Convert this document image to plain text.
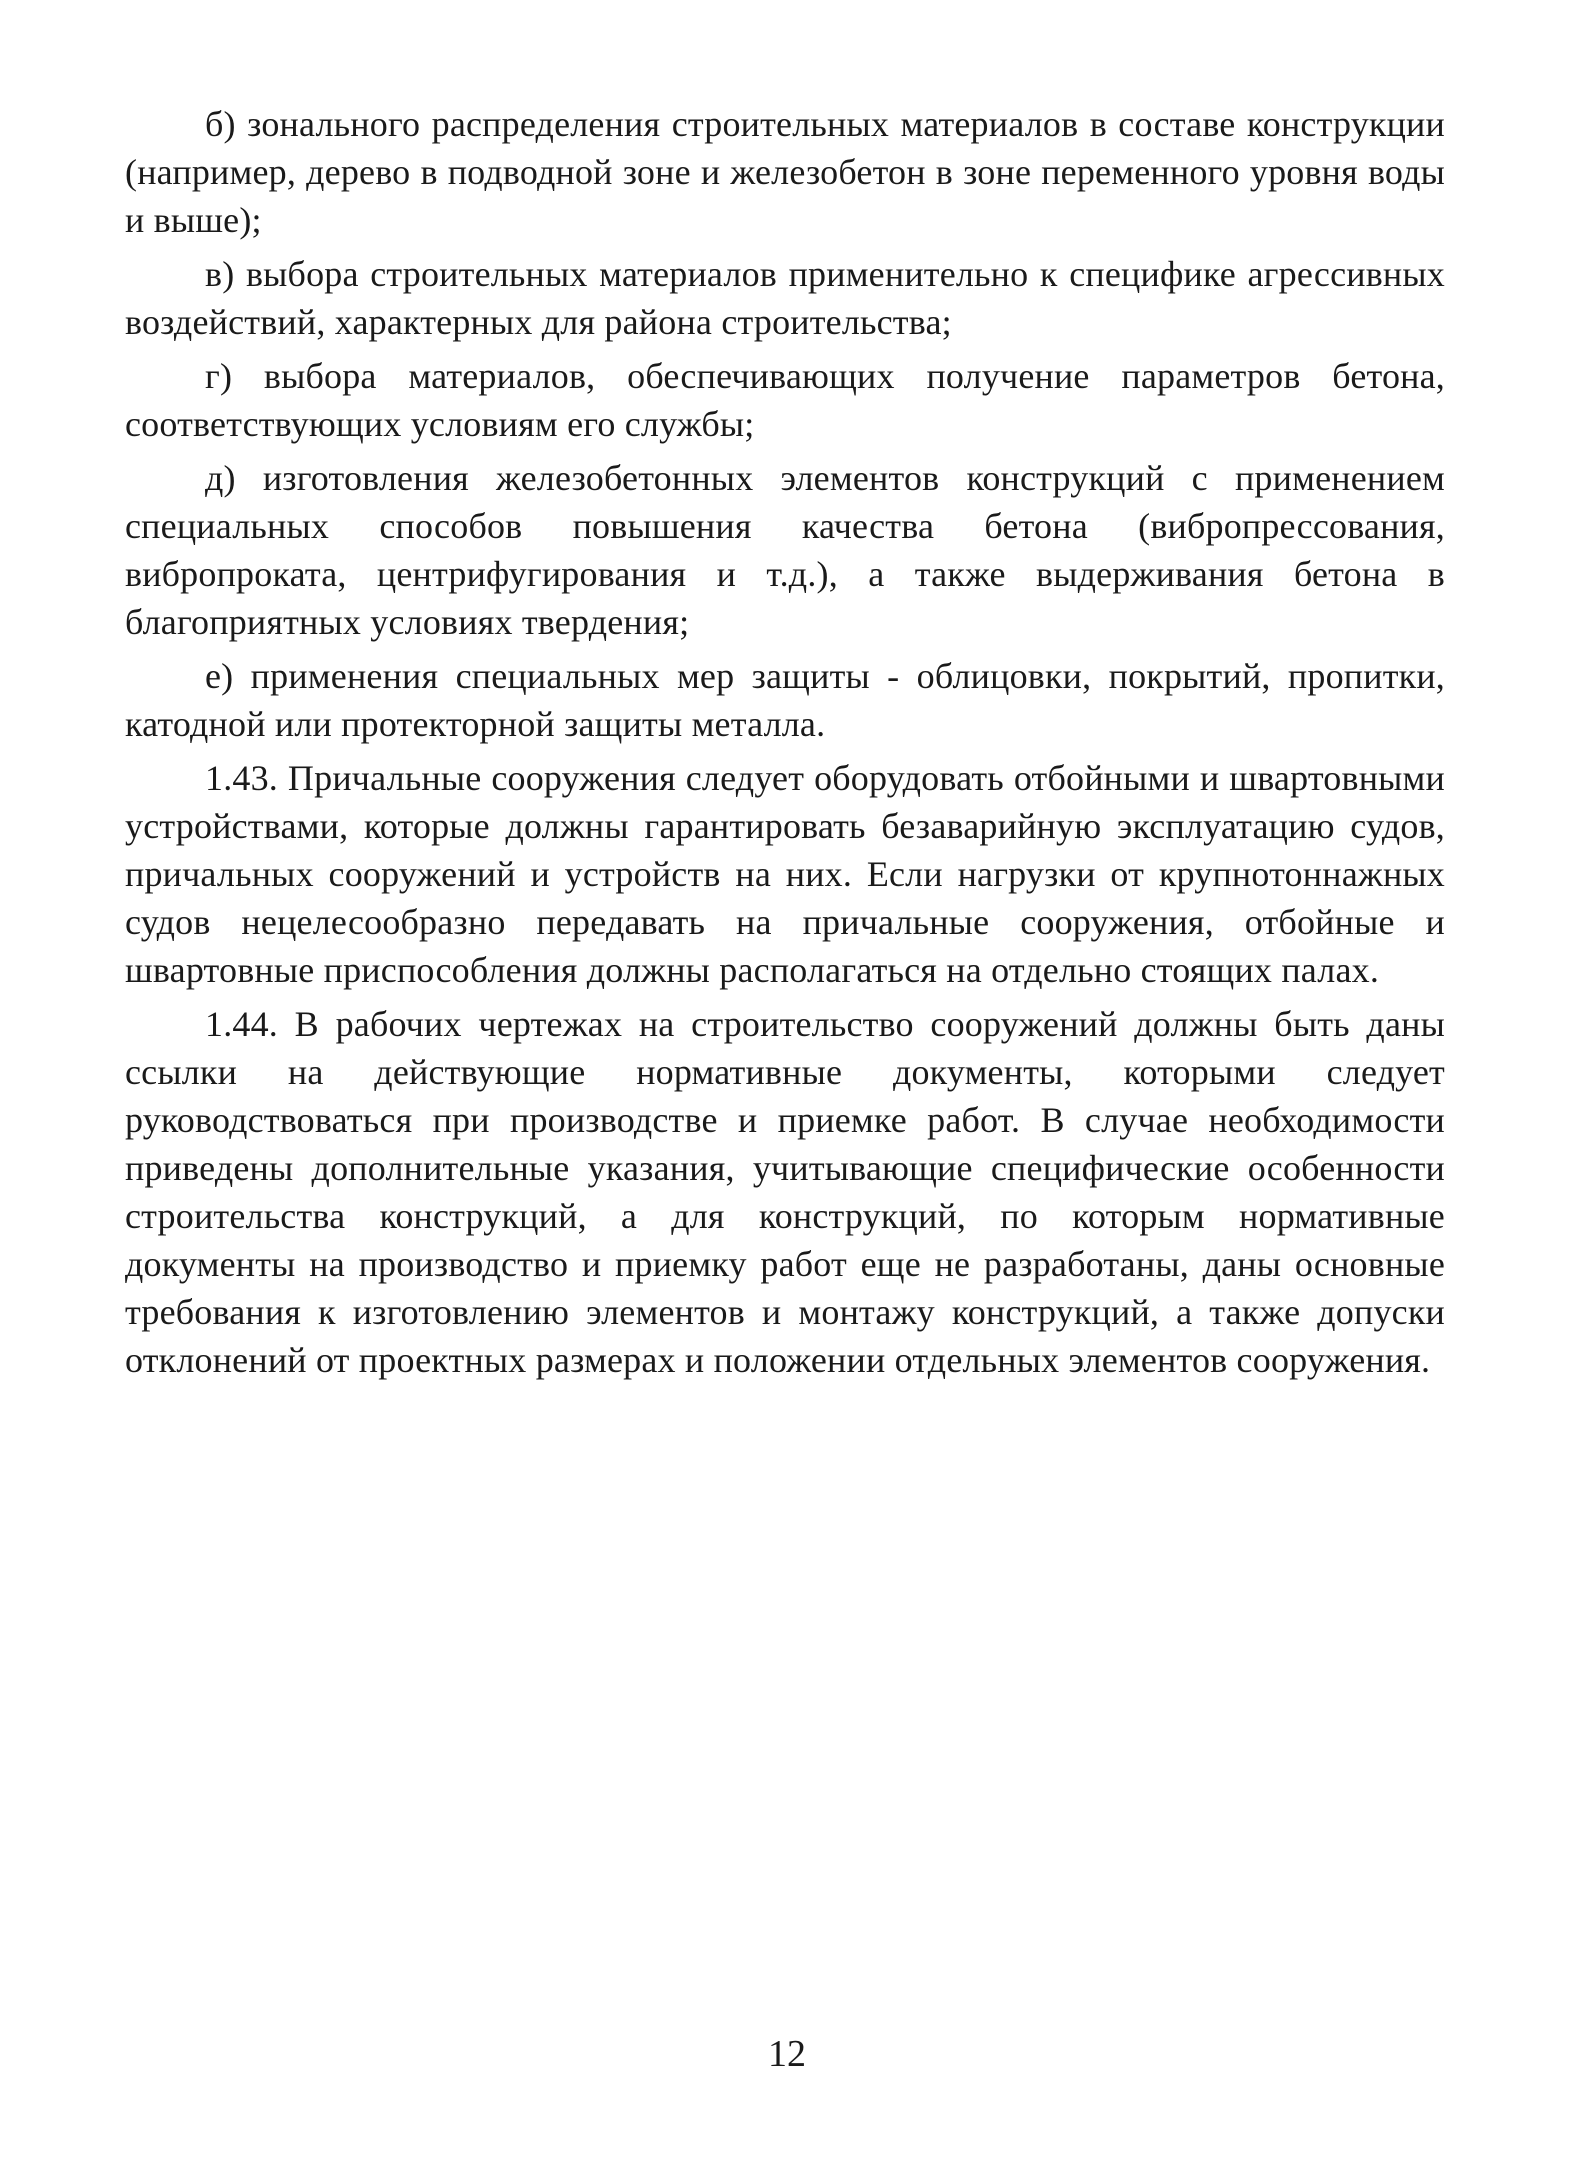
б) зонального распределения строительных материалов в составе конструкции (например, дерево в подводной зоне и железобетон в зоне переменного уровня воды и выше);

в) выбора строительных материалов применительно к специфике агрессивных воздействий, характерных для района строительства;

г) выбора материалов, обеспечивающих получение параметров бетона, соответствующих условиям его службы;

д) изготовления железобетонных элементов конструкций с применением специальных способов повышения качества бетона (вибропрессования, вибропроката, центрифугирования и т.д.), а также выдерживания бетона в благоприятных условиях твердения;

е) применения специальных мер защиты - облицовки, покрытий, пропитки, катодной или протекторной защиты металла.

1.43. Причальные сооружения следует оборудовать отбойными и швартовными устройствами, которые должны гарантировать безаварийную эксплуатацию судов, причальных сооружений и устройств на них. Если нагрузки от крупнотоннажных судов нецелесообразно передавать на причальные сооружения, отбойные и швартовные приспособления должны располагаться на отдельно стоящих палах.

1.44. В рабочих чертежах на строительство сооружений должны быть даны ссылки на действующие нормативные документы, которыми следует руководствоваться при производстве и приемке работ. В случае необходимости приведены дополнительные указания, учитывающие специфические особенности строительства конструкций, а для конструкций, по которым нормативные документы на производство и приемку работ еще не разработаны, даны основные требования к изготовлению элементов и монтажу конструкций, а также допуски отклонений от проектных размерах и положении отдельных элементов сооружения.

12
